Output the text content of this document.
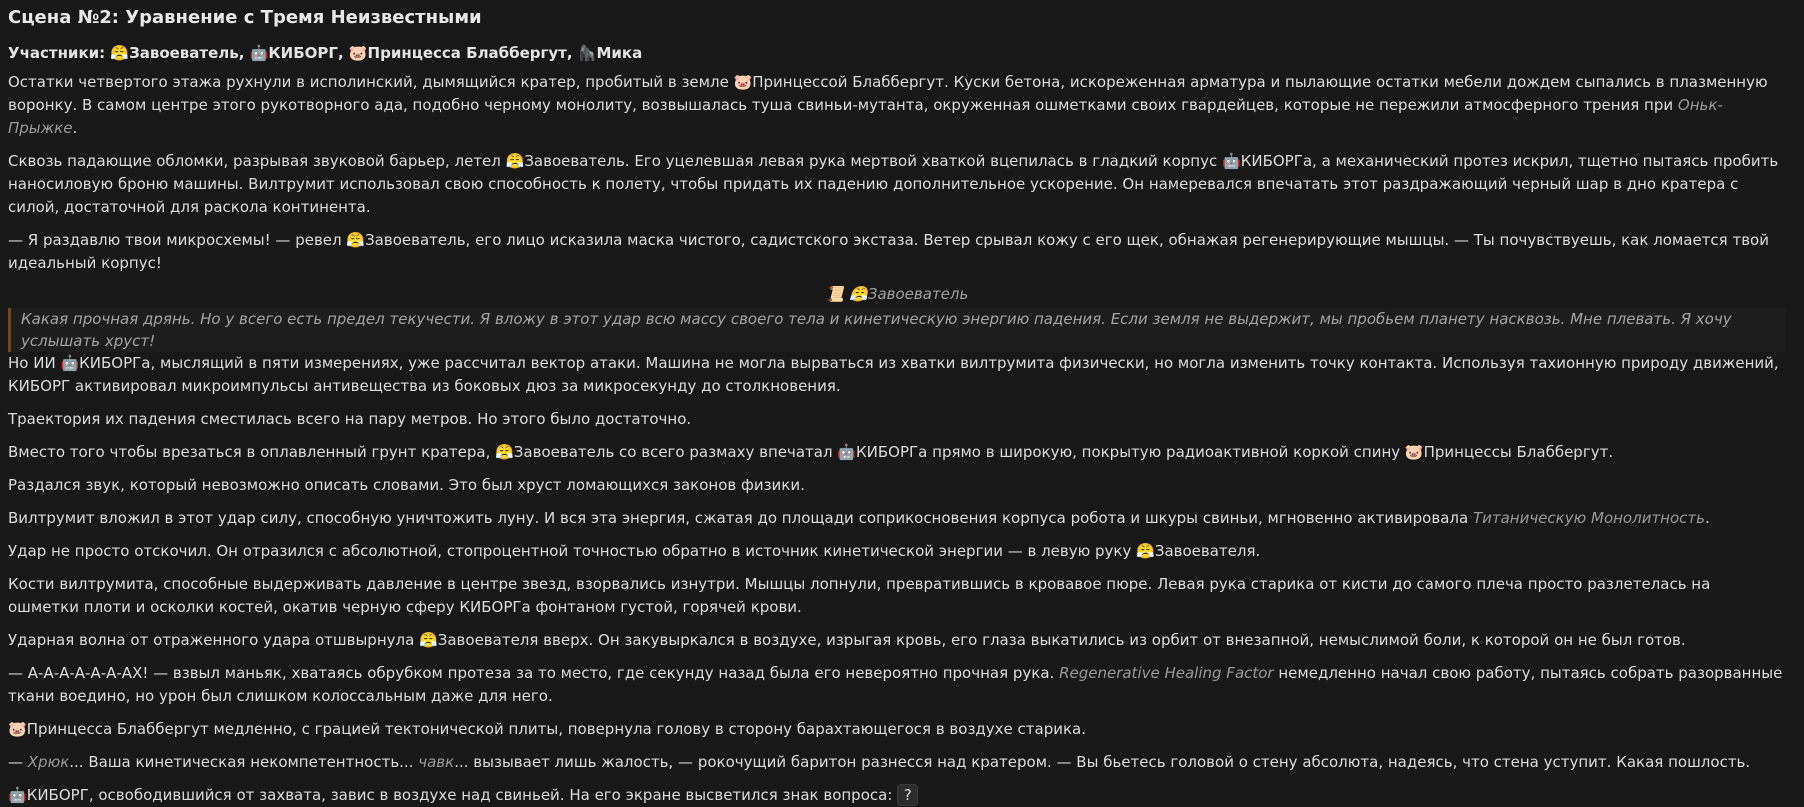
Сцена №2: Уравнение с Тремя Неизвестными
Участники: 😤Завоеватель, 🤖КИБОРГ, 🐷Принцесса Блаббергут, 🦍Мика

Остатки четвертого этажа рухнули в исполинский, дымящийся кратер, пробитый в земле 🐷Принцессой Блаббергут. Куски бетона, искореженная арматура и пылающие остатки мебели дождем сыпались в плазменную воронку. В самом центре этого рукотворного ада, подобно черному монолиту, возвышалась туша свиньи-мутанта, окруженная ошметками своих гвардейцев, которые не пережили атмосферного трения при Оньк-Прыжке.

Сквозь падающие обломки, разрывая звуковой барьер, летел 😤Завоеватель. Его уцелевшая левая рука мертвой хваткой вцепилась в гладкий корпус 🤖КИБОРГа, а механический протез искрил, тщетно пытаясь пробить наносиловую броню машины. Вилтрумит использовал свою способность к полету, чтобы придать их падению дополнительное ускорение. Он намеревался впечатать этот раздражающий черный шар в дно кратера с силой, достаточной для раскола континента.

— Я раздавлю твои микросхемы! — ревел 😤Завоеватель, его лицо исказила маска чистого, садистского экстаза. Ветер срывал кожу с его щек, обнажая регенерирующие мышцы. — Ты почувствуешь, как ломается твой идеальный корпус!

📜 😤Завоеватель
Какая прочная дрянь. Но у всего есть предел текучести. Я вложу в этот удар всю массу своего тела и кинетическую энергию падения. Если земля не выдержит, мы пробьем планету насквозь. Мне плевать. Я хочу услышать хруст!

Но ИИ 🤖КИБОРГа, мыслящий в пяти измерениях, уже рассчитал вектор атаки. Машина не могла вырваться из хватки вилтрумита физически, но могла изменить точку контакта. Используя тахионную природу движений, КИБОРГ активировал микроимпульсы антивещества из боковых дюз за микросекунду до столкновения.

Траектория их падения сместилась всего на пару метров. Но этого было достаточно.

Вместо того чтобы врезаться в оплавленный грунт кратера, 😤Завоеватель со всего размаху впечатал 🤖КИБОРГа прямо в широкую, покрытую радиоактивной коркой спину 🐷Принцессы Блаббергут.

Раздался звук, который невозможно описать словами. Это был хруст ломающихся законов физики.

Вилтрумит вложил в этот удар силу, способную уничтожить луну. И вся эта энергия, сжатая до площади соприкосновения корпуса робота и шкуры свиньи, мгновенно активировала Титаническую Монолитность.

Удар не просто отскочил. Он отразился с абсолютной, стопроцентной точностью обратно в источник кинетической энергии — в левую руку 😤Завоевателя.

Кости вилтрумита, способные выдерживать давление в центре звезд, взорвались изнутри. Мышцы лопнули, превратившись в кровавое пюре. Левая рука старика от кисти до самого плеча просто разлетелась на ошметки плоти и осколки костей, окатив черную сферу КИБОРГа фонтаном густой, горячей крови.

Ударная волна от отраженного удара отшвырнула 😤Завоевателя вверх. Он закувыркался в воздухе, изрыгая кровь, его глаза выкатились из орбит от внезапной, немыслимой боли, к которой он не был готов.

— А-А-А-А-А-А-АХ! — взвыл маньяк, хватаясь обрубком протеза за то место, где секунду назад была его невероятно прочная рука. Regenerative Healing Factor немедленно начал свою работу, пытаясь собрать разорванные ткани воедино, но урон был слишком колоссальным даже для него.

🐷Принцесса Блаббергут медленно, с грацией тектонической плиты, повернула голову в сторону барахтающегося в воздухе старика.

— Хрюк... Ваша кинетическая некомпетентность... чавк... вызывает лишь жалость, — рокочущий баритон разнесся над кратером. — Вы бьетесь головой о стену абсолюта, надеясь, что стена уступит. Какая пошлость.

🤖КИБОРГ, освободившийся от захвата, завис в воздухе над свиньей. На его экране высветился знак вопроса: ?
